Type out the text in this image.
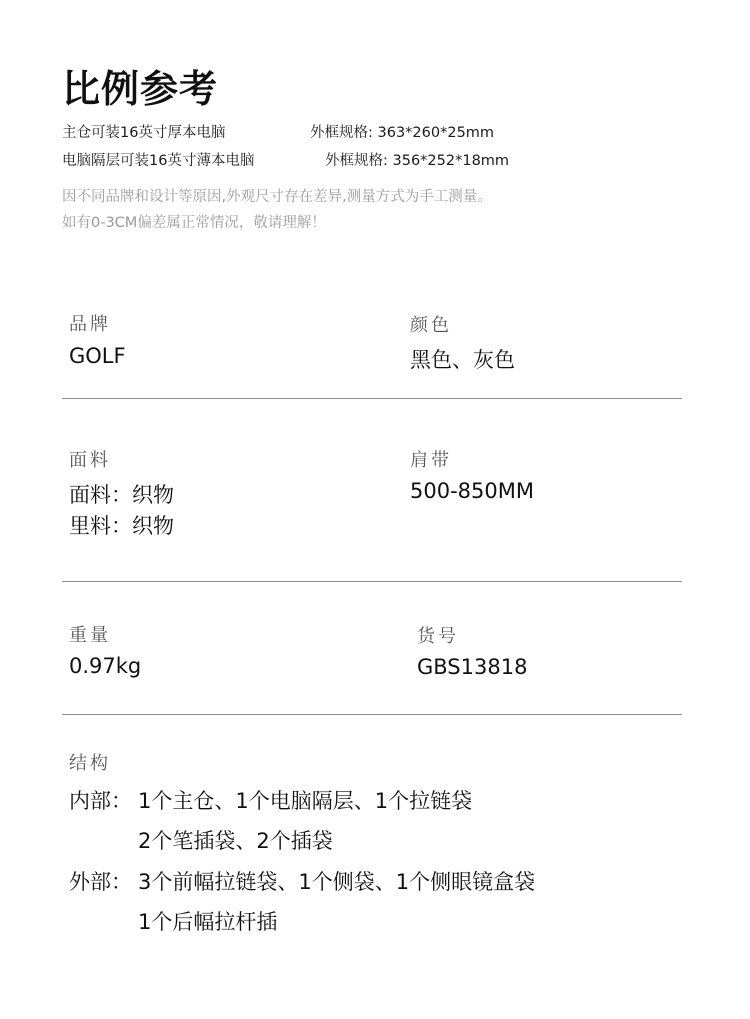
比例参考
主仓可装16英寸厚本电脑	外框规格: 363*260*25mm
电脑隔层可装16英寸薄本电脑	外框规格: 356*252*18mm
因不同品牌和设计等原因,外观尺寸存在差异,测量方式为手工测量。
如有0-3CM偏差属正常情况，敬请理解！
品牌
GOLF
颜色
黑色、灰色
面料
面料：织物
里料：织物
肩带
500-850MM
重量
0.97kg
货号
GBS13818
结构
内部： 1个主仓、1个电脑隔层、1个拉链袋
2个笔插袋、2个插袋
外部： 3个前幅拉链袋、1个侧袋、1个侧眼镜盒袋
1个后幅拉杆插
